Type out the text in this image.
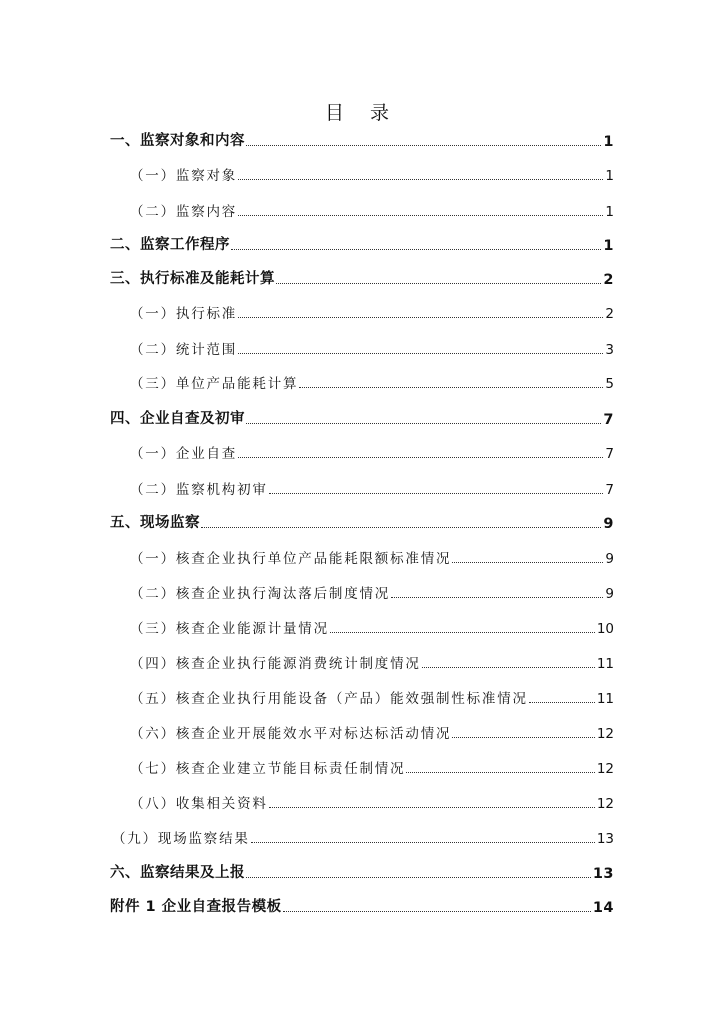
目 录
一、监察对象和内容	1
（一）监察对象	1
（二）监察内容	1
二、监察工作程序	1
三、执行标准及能耗计算	2
（一）执行标准	2
（二）统计范围	3
（三）单位产品能耗计算	5
四、企业自查及初审	7
（一）企业自查	7
（二）监察机构初审	7
五、现场监察	9
（一）核查企业执行单位产品能耗限额标准情况	9
（二）核查企业执行淘汰落后制度情况	9
（三）核查企业能源计量情况	10
（四）核查企业执行能源消费统计制度情况	11
（五）核查企业执行用能设备（产品）能效强制性标准情况	11
（六）核查企业开展能效水平对标达标活动情况	12
（七）核查企业建立节能目标责任制情况	12
（八）收集相关资料	12
（九）现场监察结果	13
六、监察结果及上报	13
附件 1 企业自查报告模板	14
